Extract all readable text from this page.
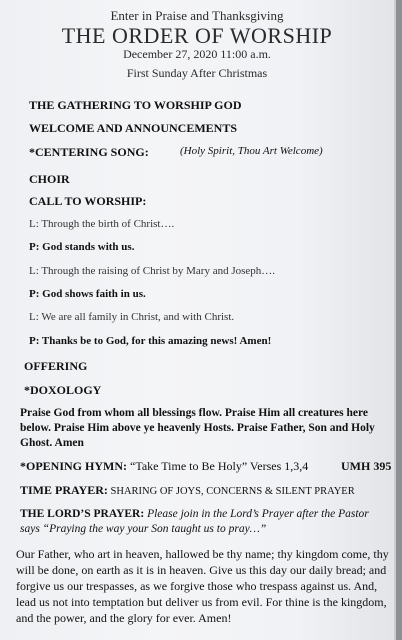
Enter in Praise and Thanksgiving
THE ORDER OF WORSHIP
December 27, 2020 11:00 a.m.
First Sunday After Christmas
THE GATHERING TO WORSHIP GOD
WELCOME AND ANNOUNCEMENTS
*CENTERING SONG:	(Holy Spirit, Thou Art Welcome)
CHOIR
CALL TO WORSHIP:
L: Through the birth of Christ….
P: God stands with us.
L: Through the raising of Christ by Mary and Joseph….
P: God shows faith in us.
L: We are all family in Christ, and with Christ.
P: Thanks be to God, for this amazing news! Amen!
OFFERING
*DOXOLOGY
Praise God from whom all blessings flow. Praise Him all creatures here below. Praise Him above ye heavenly Hosts. Praise Father, Son and Holy Ghost. Amen
*OPENING HYMN: “Take Time to Be Holy” Verses 1,3,4	UMH 395
TIME PRAYER: SHARING OF JOYS, CONCERNS & SILENT PRAYER
THE LORD’S PRAYER: Please join in the Lord’s Prayer after the Pastor says “Praying the way your Son taught us to pray…”
Our Father, who art in heaven, hallowed be thy name; thy kingdom come, thy will be done, on earth as it is in heaven. Give us this day our daily bread; and forgive us our trespasses, as we forgive those who trespass against us. And, lead us not into temptation but deliver us from evil. For thine is the kingdom, and the power, and the glory for ever. Amen!
